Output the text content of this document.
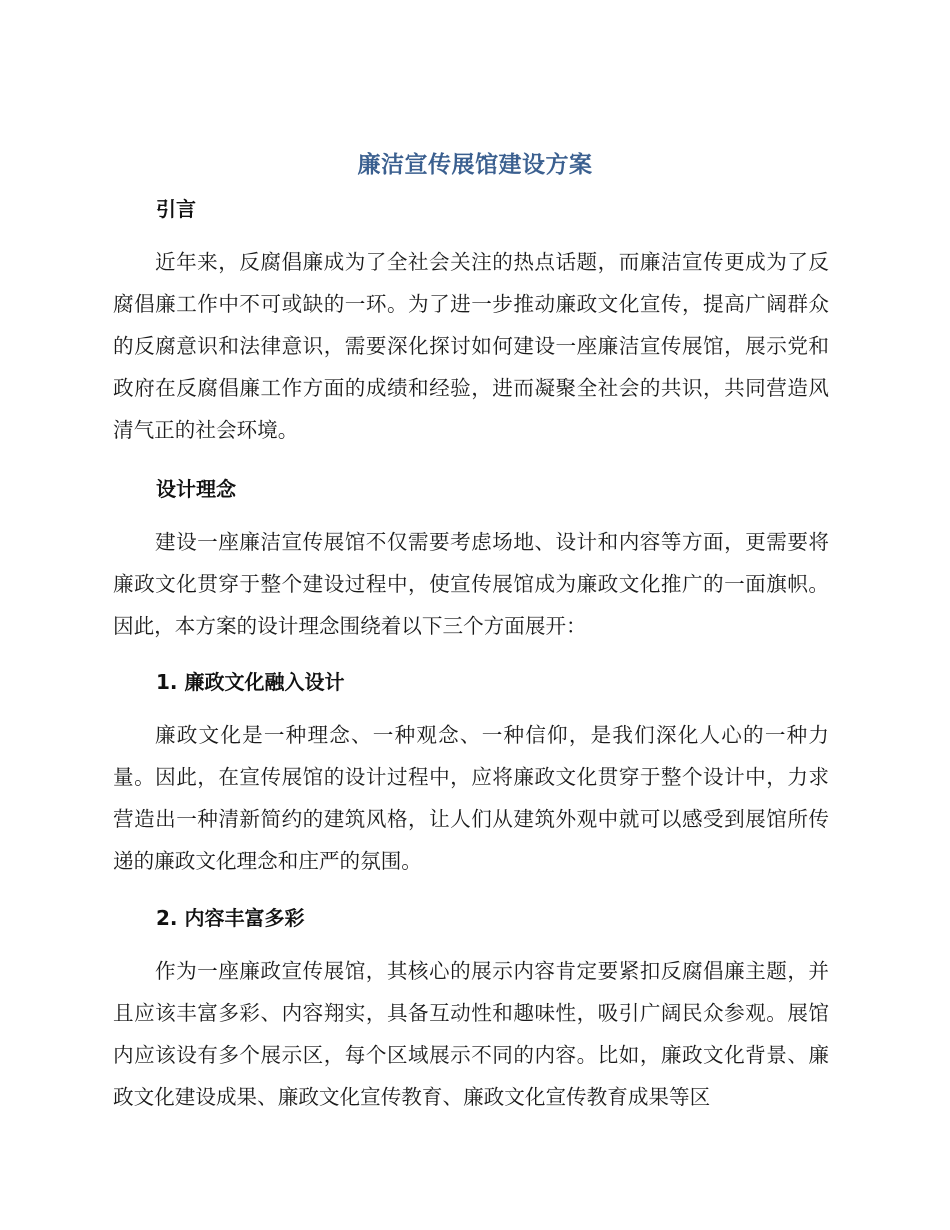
廉洁宣传展馆建设方案
引言
近年来，反腐倡廉成为了全社会关注的热点话题，而廉洁宣传更成为了反腐倡廉工作中不可或缺的一环。为了进一步推动廉政文化宣传，提高广阔群众的反腐意识和法律意识，需要深化探讨如何建设一座廉洁宣传展馆，展示党和政府在反腐倡廉工作方面的成绩和经验，进而凝聚全社会的共识，共同营造风清气正的社会环境。
设计理念
建设一座廉洁宣传展馆不仅需要考虑场地、设计和内容等方面，更需要将廉政文化贯穿于整个建设过程中，使宣传展馆成为廉政文化推广的一面旗帜。因此，本方案的设计理念围绕着以下三个方面展开：
1. 廉政文化融入设计
廉政文化是一种理念、一种观念、一种信仰，是我们深化人心的一种力量。因此，在宣传展馆的设计过程中，应将廉政文化贯穿于整个设计中，力求营造出一种清新简约的建筑风格，让人们从建筑外观中就可以感受到展馆所传递的廉政文化理念和庄严的氛围。
2. 内容丰富多彩
作为一座廉政宣传展馆，其核心的展示内容肯定要紧扣反腐倡廉主题，并且应该丰富多彩、内容翔实，具备互动性和趣味性，吸引广阔民众参观。展馆内应该设有多个展示区，每个区域展示不同的内容。比如，廉政文化背景、廉政文化建设成果、廉政文化宣传教育、廉政文化宣传教育成果等区
